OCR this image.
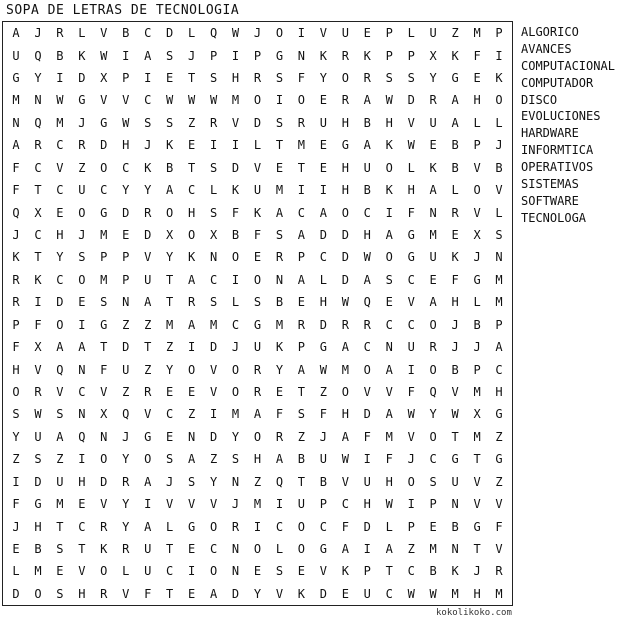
SOPA DE LETRAS DE TECNOLOGIA
A	J	R	L	V	B	C	D	L	Q	W	J	O	I	V	U	E	P	L	U	Z	M	P
U	Q	B	K	W	I	A	S	J	P	I	P	G	N	K	R	K	P	P	X	K	F	I
G	Y	I	D	X	P	I	E	T	S	H	R	S	F	Y	O	R	S	S	Y	G	E	K
M	N	W	G	V	V	C	W	W	W	M	O	I	O	E	R	A	W	D	R	A	H	O
N	Q	M	J	G	W	S	S	Z	R	V	D	S	R	U	H	B	H	V	U	A	L	L
A	R	C	R	D	H	J	K	E	I	I	L	T	M	E	G	A	K	W	E	B	P	J
F	C	V	Z	O	C	K	B	T	S	D	V	E	T	E	H	U	O	L	K	B	V	B
F	T	C	U	C	Y	Y	A	C	L	K	U	M	I	I	H	B	K	H	A	L	O	V
Q	X	E	O	G	D	R	O	H	S	F	K	A	C	A	O	C	I	F	N	R	V	L
J	C	H	J	M	E	D	X	O	X	B	F	S	A	D	D	H	A	G	M	E	X	S
K	T	Y	S	P	P	V	Y	K	N	O	E	R	P	C	D	W	O	G	U	K	J	N
R	K	C	O	M	P	U	T	A	C	I	O	N	A	L	D	A	S	C	E	F	G	M
R	I	D	E	S	N	A	T	R	S	L	S	B	E	H	W	Q	E	V	A	H	L	M
P	F	O	I	G	Z	Z	M	A	M	C	G	M	R	D	R	R	C	C	O	J	B	P
F	X	A	A	T	D	T	Z	I	D	J	U	K	P	G	A	C	N	U	R	J	J	A
H	V	Q	N	F	U	Z	Y	O	V	O	R	Y	A	W	M	O	A	I	O	B	P	C
O	R	V	C	V	Z	R	E	E	V	O	R	E	T	Z	O	V	V	F	Q	V	M	H
S	W	S	N	X	Q	V	C	Z	I	M	A	F	S	F	H	D	A	W	Y	W	X	G
Y	U	A	Q	N	J	G	E	N	D	Y	O	R	Z	J	A	F	M	V	O	T	M	Z
Z	S	Z	I	O	Y	O	S	A	Z	S	H	A	B	U	W	I	F	J	C	G	T	G
I	D	U	H	D	R	A	J	S	Y	N	Z	Q	T	B	V	U	H	O	S	U	V	Z
F	G	M	E	V	Y	I	V	V	V	J	M	I	U	P	C	H	W	I	P	N	V	V
J	H	T	C	R	Y	A	L	G	O	R	I	C	O	C	F	D	L	P	E	B	G	F
E	B	S	T	K	R	U	T	E	C	N	O	L	O	G	A	I	A	Z	M	N	T	V
L	M	E	V	O	L	U	C	I	O	N	E	S	E	V	K	P	T	C	B	K	J	R
D	O	S	H	R	V	F	T	E	A	D	Y	V	K	D	E	U	C	W	W	M	H	M
ALGORICO
AVANCES
COMPUTACIONAL
COMPUTADOR
DISCO
EVOLUCIONES
HARDWARE
INFORMTICA
OPERATIVOS
SISTEMAS
SOFTWARE
TECNOLOGA
kokolikoko.com
